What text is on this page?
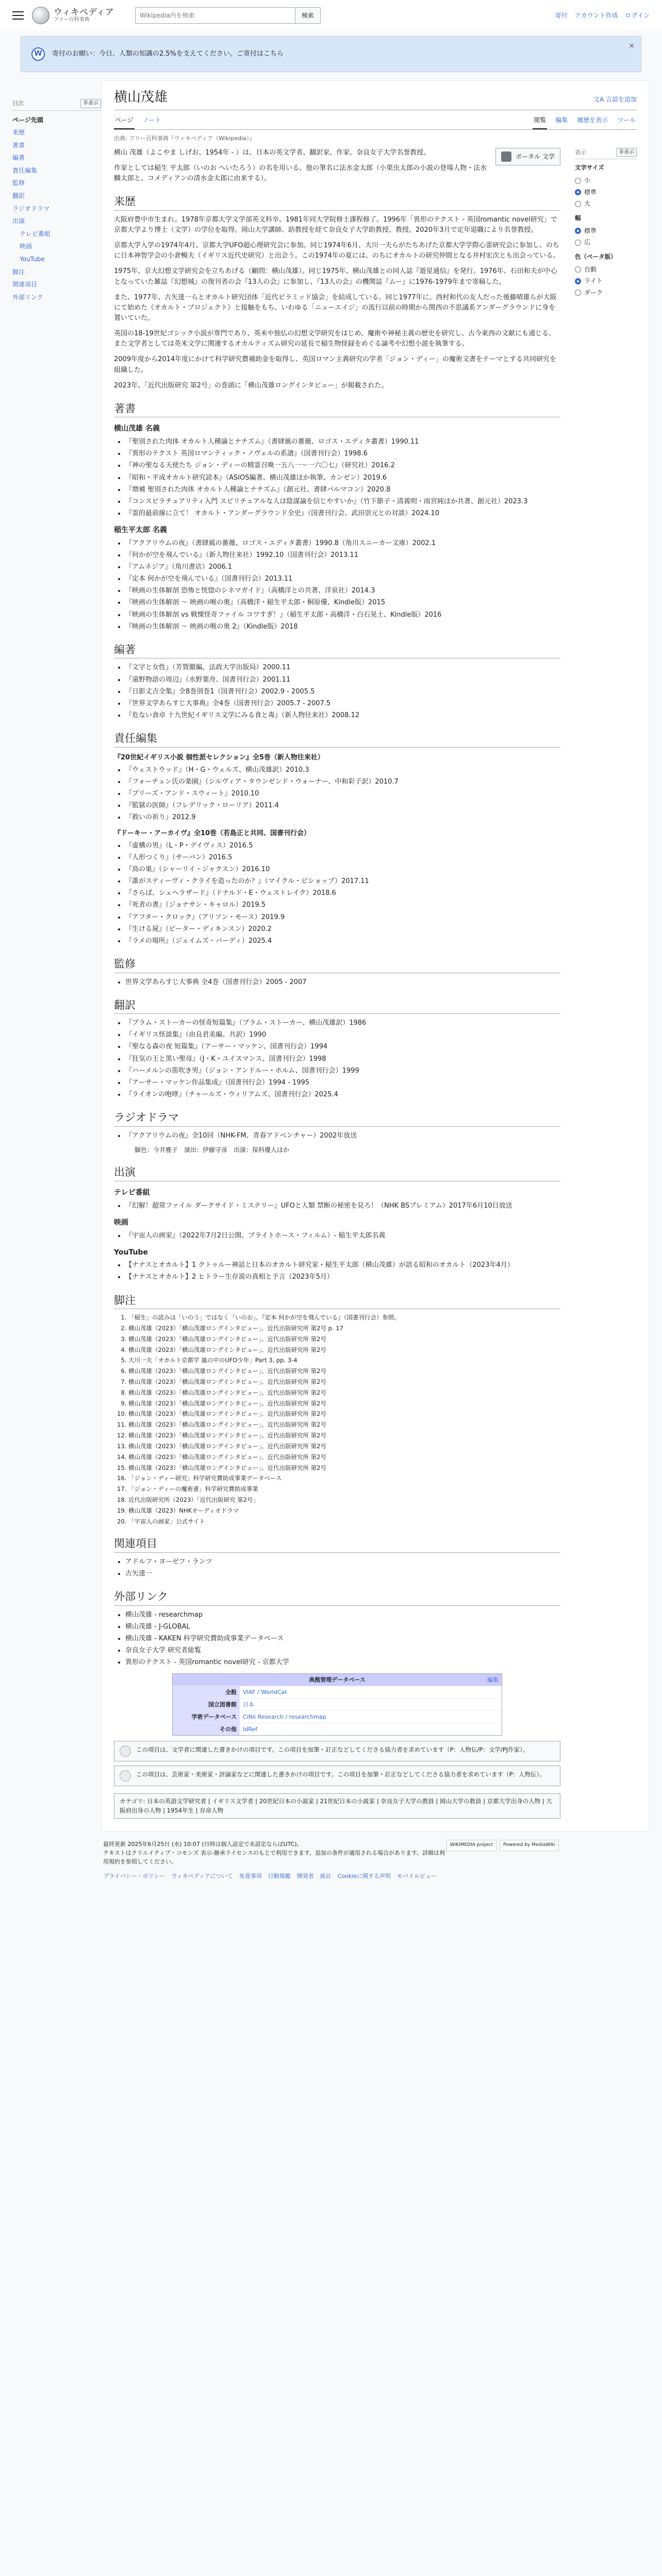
ウィキペディア
フリー百科事典
Wikipedia内を検索
検索	寄付 アカウント作成 ログイン
W	寄付のお願い：今日、人類の知識の2.5%を支えてください。ご寄付はこちら
×
目次	非表示
ページ先頭
来歴
著書
編著
責任編集
監修
翻訳
ラジオドラマ
出演
テレビ番組
映画
YouTube
脚注
関連項目
外部リンク
横山茂雄	文A 言語を追加
ページ ノート	閲覧 編集 履歴を表示 ツール
出典: フリー百科事典『ウィキペディア（Wikipedia）』
ポータル 文学

横山 茂雄（よこやま しげお、1954年 - ）は、日本の英文学者、翻訳家、作家。奈良女子大学名誉教授。

作家としては稲生 平太郎（いのお へいたろう）の名を用いる。他の筆名に法水金太郎（小栗虫太郎の小説の登場人物・法水麟太郎と、コメディアンの清水金太郎に由来する）。

来歴

大阪府豊中市生まれ。1978年京都大学文学部英文科卒、1981年同大学院修士課程修了。1996年「異形のテクスト - 英国romantic novel研究」で京都大学より博士（文学）の学位を取得。岡山大学講師、助教授を経て奈良女子大学助教授、教授。2020年3月で定年退職により名誉教授。

京都大学入学の1974年4月、京都大学UFO超心理研究会に参加。同じ1974年6月、大川一夫らがたちあげた京都大学学際心霊研究会に参加し、のちに日本神智学会の小倉暢夫（イギリス近代史研究）と出会う。この1974年の夏には、のちにオカルトの研究仲間となる井村宏次とも出会っている。

1975年、京大幻想文学研究会を立ちあげる（顧問：横山茂雄）。同じ1975年、横山茂雄との同人誌『遊星通信』を発行。1976年、石田和夫が中心となっていた雑誌『幻想城』の復刊者の会『13人の会』に参加し、『13人の会』の機関誌『ムー』に1976-1979年まで寄稿した。

また、1977年、古矢達一らとオカルト研究団体「近代ピラミッド協会」を結成している。同じ1977年に、西村和代の友人だった後藤晴雄らが大阪にて始めた《オカルト・プロジェクト》と接触をもち、いわゆる「ニューエイジ」の流行以前の時期から関西の不思議系アンダーグラウンドに身を置いていた。

英国の18-19世紀ゴシック小説が専門であり、英米や独仏の幻想文学研究をはじめ、魔術や神秘主義の歴史を研究し、古今東西の文献にも通じる。また文学者としては英米文学に関連するオカルティズム研究の延長で稲生物怪録をめぐる論考や幻想小説を執筆する。

2009年度から2014年度にかけて科学研究費補助金を取得し、英国ロマン主義研究の学者「ジョン・ディー」の魔術文書をテーマとする共同研究を組織した。

2023年、「近代出版研究 第2号」の巻頭に「横山茂雄ロングインタビュー」が掲載された。

著書
横山茂雄 名義
• 『聖別された肉体 オカルト人種論とナチズム』（書肆風の薔薇、ロゴス・エディタ叢書）1990.11
• 『異形のテクスト 英国ロマンティック・ノヴェルの系譜』（国書刊行会）1998.6
• 『神の聖なる天使たち ジョン・ディーの精霊召喚一五八一～一六〇七』（研究社）2016.2
• 『昭和・平成オカルト研究読本』（ASIOS編著、横山茂雄ほか執筆、カンゼン）2019.6
• 『増補 聖別された肉体 オカルト人種論とナチズム』（創元社、書肆パルマコン）2020.8
• 『コンスピラチュアリティ入門 スピリチュアルな人は陰謀論を信じやすいか』（竹下節子・清義明・雨宮純ほか共著、創元社）2023.3
• 『霊的最前線に立て！ オカルト・アンダーグラウンド全史』（国書刊行会、武田崇元との対談）2024.10
稲生平太郎 名義
• 『アクアリウムの夜』（書肆風の薔薇、ロゴス・エディタ叢書）1990.8（角川スニーカー文庫）2002.1
• 『何かが空を飛んでいる』（新人物往来社）1992.10（国書刊行会）2013.11
• 『アムネジア』（角川書店）2006.1
• 『定本 何かが空を飛んでいる』（国書刊行会）2013.11
• 『映画の生体解剖 恐怖と恍惚のシネマガイド』（高橋洋との共著、洋泉社）2014.3
• 『映画の生体解剖 ～ 映画の喉の奥』（高橋洋・稲生平太郎・桐原優、Kindle版）2015
• 『映画の生体解剖 vs 戦慄怪奇ファイル コワすぎ！』（稲生平太郎・高橋洋・白石晃士、Kindle版）2016
• 『映画の生体解剖 ～ 映画の喉の奥 2』（Kindle版）2018
編著
• 『文字と女性』（芳賀徹編、法政大学出版局）2000.11
• 『遠野物語の周辺』（水野葉舟、国書刊行会）2001.11
• 『日影丈吉全集』全8巻別巻1（国書刊行会）2002.9 - 2005.5
• 『世界文学あらすじ大事典』全4巻（国書刊行会）2005.7 - 2007.5
• 『危ない食卓 十九世紀イギリス文学にみる食と毒』（新人物往来社）2008.12
責任編集
『20世紀イギリス小説 個性派セレクション』全5巻（新人物往来社）
• 『ウェストウッド』（H・G・ウェルズ、横山茂雄訳）2010.3
• 『フォーチュン氏の楽園』（シルヴィア・タウンゼンド・ウォーナー、中和彩子訳）2010.7
• 『ブリーズ・アンド・スウィート』2010.10
• 『監獄の医師』（フレデリック・ローリア）2011.4
• 『救いの祈り』2012.9
『ドーキー・アーカイヴ』全10巻（若島正と共同、国書刊行会）
• 『虚構の男』（L・P・デイヴィス）2016.5
• 『人形つくり』（サーバン）2016.5
• 『鳥の巣』（シャーリイ・ジャクスン）2016.10
• 『誰がスティーヴィ・クライを造ったのか？』（マイクル・ビショップ）2017.11
• 『さらば、シェヘラザード』（ドナルド・E・ウェストレイク）2018.6
• 『死者の書』（ジョナサン・キャロル）2019.5
• 『アフター・クロック』（アリソン・モース）2019.9
• 『生ける屍』（ピーター・ディキンスン）2020.2
• 『ラメの場所』（ジェイムズ・パーディ）2025.4
監修
• 世界文学あらすじ大事典 全4巻（国書刊行会）2005 - 2007
翻訳
• 『ブラム・ストーカーの怪奇短篇集』（ブラム・ストーカー、横山茂雄訳）1986
• 『イギリス怪談集』（由良君美編、共訳）1990
• 『聖なる森の夜 短篇集』（アーサー・マッケン、国書刊行会）1994
• 『狂気の王と黒い聖母』（J・K・ユイスマンス、国書刊行会）1998
• 『ハーメルンの笛吹き男』（ジョン・アンドルー・ホルム、国書刊行会）1999
• 『アーサー・マッケン作品集成』（国書刊行会）1994 - 1995
• 『ライオンの咆哮』（チャールズ・ウィリアムズ、国書刊行会）2025.4
ラジオドラマ
• 『アクアリウムの夜』全10回（NHK-FM、青春アドベンチャー）2002年放送
脚色：今井雅子　演出：伊藤守彦　出演：保科優人ほか
出演
テレビ番組
• 『幻解！超常ファイル ダークサイド・ミステリー』UFOと人類 禁断の秘密を見ろ！（NHK BSプレミアム）2017年6月10日放送
映画
• 『宇宙人の画家』（2022年7月2日公開、ブライトホース・フィルム）- 稲生平太郎名義
YouTube
• 【ナナスとオカルト】1 クトゥルー神話と日本のオカルト研究家・稲生平太郎（横山茂雄）が語る昭和のオカルト（2023年4月）
• 【ナナスとオカルト】2 ヒトラー生存説の真相と予言（2023年5月）
脚注
1. 「稲生」の読みは「いのう」ではなく「いのお」。『定本 何かが空を飛んでいる』（国書刊行会）参照。
2. 横山茂雄（2023）「横山茂雄ロングインタビュー」、近代出版研究所 第2号 p. 17
3. 横山茂雄（2023）「横山茂雄ロングインタビュー」、近代出版研究所 第2号
4. 横山茂雄（2023）「横山茂雄ロングインタビュー」、近代出版研究所 第2号
5. 大川一夫「オカルト京都学 嵐の中のUFO少年」Part 3, pp. 3-4
6. 横山茂雄（2023）「横山茂雄ロングインタビュー」、近代出版研究所 第2号
7. 横山茂雄（2023）「横山茂雄ロングインタビュー」、近代出版研究所 第2号
8. 横山茂雄（2023）「横山茂雄ロングインタビュー」、近代出版研究所 第2号
9. 横山茂雄（2023）「横山茂雄ロングインタビュー」、近代出版研究所 第2号
10. 横山茂雄（2023）「横山茂雄ロングインタビュー」、近代出版研究所 第2号
11. 横山茂雄（2023）「横山茂雄ロングインタビュー」、近代出版研究所 第2号
12. 横山茂雄（2023）「横山茂雄ロングインタビュー」、近代出版研究所 第2号
13. 横山茂雄（2023）「横山茂雄ロングインタビュー」、近代出版研究所 第2号
14. 横山茂雄（2023）「横山茂雄ロングインタビュー」、近代出版研究所 第2号
15. 横山茂雄（2023）「横山茂雄ロングインタビュー」、近代出版研究所 第2号
16. 「ジョン・ディー研究」科学研究費助成事業データベース
17. 「ジョン・ディーの魔術書」科学研究費助成事業
18. 近代出版研究所（2023）「近代出版研究 第2号」
19. 横山茂雄（2023）NHKオーディオドラマ
20. 「宇宙人の画家」公式サイト
関連項目
• アドルフ・ヨーゼフ・ランツ
• 古矢達一
外部リンク
• 横山茂雄 - researchmap
• 横山茂雄 - J-GLOBAL
• 横山茂雄 - KAKEN 科学研究費助成事業データベース
• 奈良女子大学 研究者総覧
• 異形のテクスト - 英国romantic novel研究 - 京都大学
典拠管理データベース	編集
全般	VIAF / WorldCat
国立図書館	日本
学術データベース	CiNii Research / researchmap
その他	IdRef
この項目は、文学者に関連した書きかけの項目です。この項目を加筆・訂正などしてくださる協力者を求めています（P：人物伝/P：文学/PJ作家）。
この項目は、芸術家・美術家・評論家などに関連した書きかけの項目です。この項目を加筆・訂正などしてくださる協力者を求めています（P：人物伝）。
カテゴリ: 日本の英語文学研究者 | イギリス文学者 | 20世紀日本の小説家 | 21世紀日本の小説家 | 奈良女子大学の教員 | 岡山大学の教員 | 京都大学出身の人物 | 大阪府出身の人物 | 1954年生 | 存命人物
表示	非表示
文字サイズ
小
標準
大
幅
標準
広
色（ベータ版）
自動
ライト
ダーク
WIKIMEDIA project	Powered by MediaWiki
最終更新 2025年6月25日 (水) 10:07 (日時は個人設定で未設定ならばUTC)。
テキストはクリエイティブ・コモンズ 表示-継承ライセンスのもとで利用できます。追加の条件が適用される場合があります。詳細は利用規約を参照してください。
プライバシー・ポリシー ウィキペディアについて 免責事項 行動規範 開発者 統計 Cookieに関する声明 モバイルビュー
